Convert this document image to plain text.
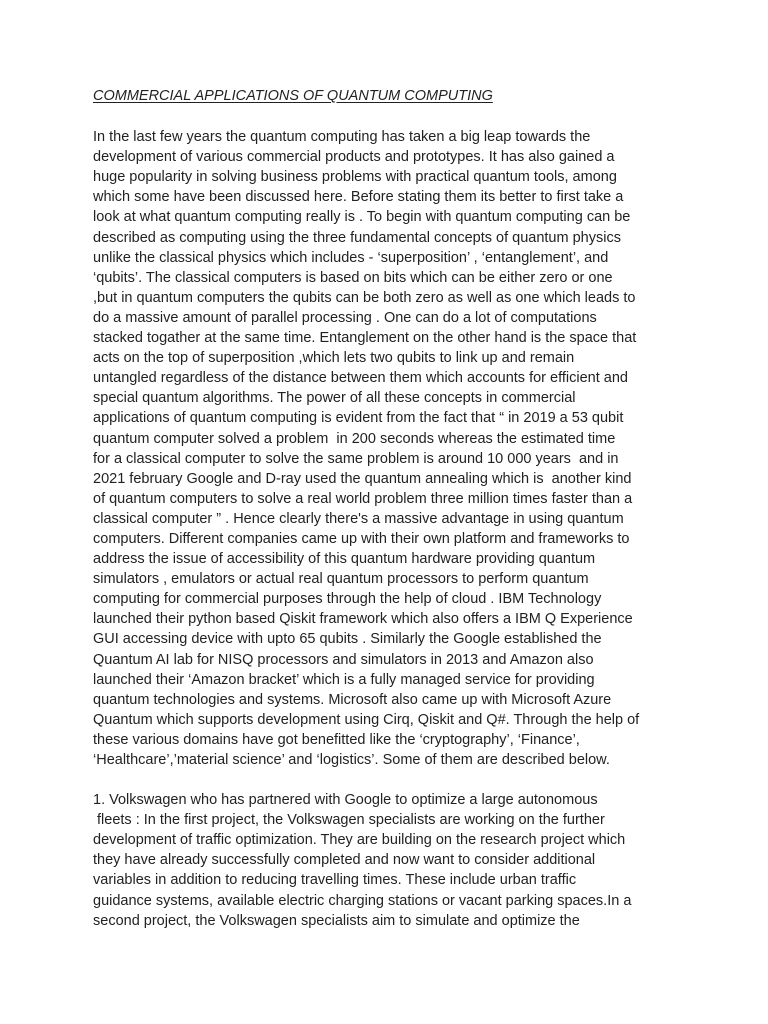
COMMERCIAL APPLICATIONS OF QUANTUM COMPUTING
In the last few years the quantum computing has taken a big leap towards the
development of various commercial products and prototypes. It has also gained a
huge popularity in solving business problems with practical quantum tools, among
which some have been discussed here. Before stating them its better to first take a
look at what quantum computing really is . To begin with quantum computing can be
described as computing using the three fundamental concepts of quantum physics
unlike the classical physics which includes - ‘superposition’ , ‘entanglement’, and
‘qubits’. The classical computers is based on bits which can be either zero or one
,but in quantum computers the qubits can be both zero as well as one which leads to
do a massive amount of parallel processing . One can do a lot of computations
stacked togather at the same time. Entanglement on the other hand is the space that
acts on the top of superposition ,which lets two qubits to link up and remain
untangled regardless of the distance between them which accounts for efficient and
special quantum algorithms. The power of all these concepts in commercial
applications of quantum computing is evident from the fact that “ in 2019 a 53 qubit
quantum computer solved a problem  in 200 seconds whereas the estimated time
for a classical computer to solve the same problem is around 10 000 years  and in
2021 february Google and D-ray used the quantum annealing which is  another kind
of quantum computers to solve a real world problem three million times faster than a
classical computer ” . Hence clearly there's a massive advantage in using quantum
computers. Different companies came up with their own platform and frameworks to
address the issue of accessibility of this quantum hardware providing quantum
simulators , emulators or actual real quantum processors to perform quantum
computing for commercial purposes through the help of cloud . IBM Technology
launched their python based Qiskit framework which also offers a IBM Q Experience
GUI accessing device with upto 65 qubits . Similarly the Google established the
Quantum AI lab for NISQ processors and simulators in 2013 and Amazon also
launched their ‘Amazon bracket’ which is a fully managed service for providing
quantum technologies and systems. Microsoft also came up with Microsoft Azure
Quantum which supports development using Cirq, Qiskit and Q#. Through the help of
these various domains have got benefitted like the ‘cryptography’, ‘Finance’,
‘Healthcare’,’material science’ and ‘logistics’. Some of them are described below.
1. Volkswagen who has partnered with Google to optimize a large autonomous
fleets : In the first project, the Volkswagen specialists are working on the further
development of traffic optimization. They are building on the research project which
they have already successfully completed and now want to consider additional
variables in addition to reducing travelling times. These include urban traffic
guidance systems, available electric charging stations or vacant parking spaces.In a
second project, the Volkswagen specialists aim to simulate and optimize the
